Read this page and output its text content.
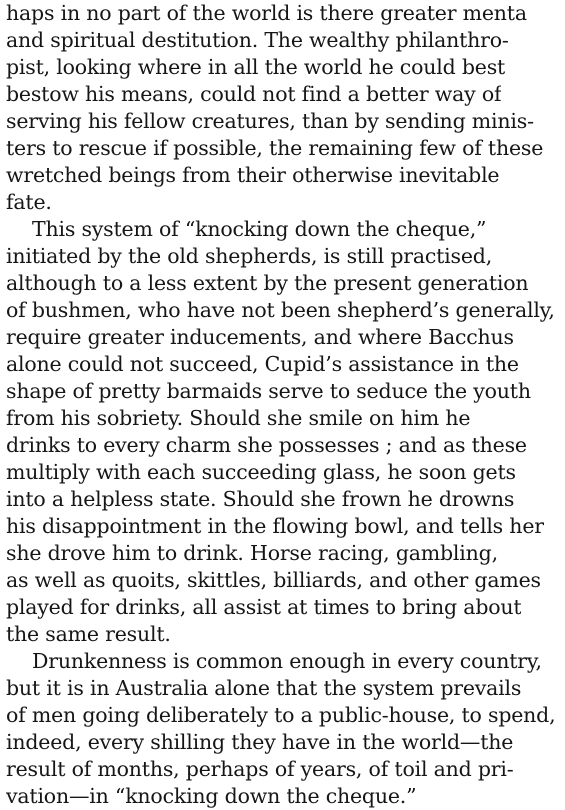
haps in no part of the world is there greater menta
and spiritual destitution. The wealthy philanthro-
pist, looking where in all the world he could best
bestow his means, could not find a better way of
serving his fellow creatures, than by sending minis-
ters to rescue if possible, the remaining few of these
wretched beings from their otherwise inevitable
fate.
This system of “knocking down the cheque,”
initiated by the old shepherds, is still practised,
although to a less extent by the present generation
of bushmen, who have not been shepherd’s generally,
require greater inducements, and where Bacchus
alone could not succeed, Cupid’s assistance in the
shape of pretty barmaids serve to seduce the youth
from his sobriety. Should she smile on him he
drinks to every charm she possesses ; and as these
multiply with each succeeding glass, he soon gets
into a helpless state. Should she frown he drowns
his disappointment in the flowing bowl, and tells her
she drove him to drink. Horse racing, gambling,
as well as quoits, skittles, billiards, and other games
played for drinks, all assist at times to bring about
the same result.
Drunkenness is common enough in every country,
but it is in Australia alone that the system prevails
of men going deliberately to a public-house, to spend,
indeed, every shilling they have in the world—the
result of months, perhaps of years, of toil and pri-
vation—in “knocking down the cheque.”
